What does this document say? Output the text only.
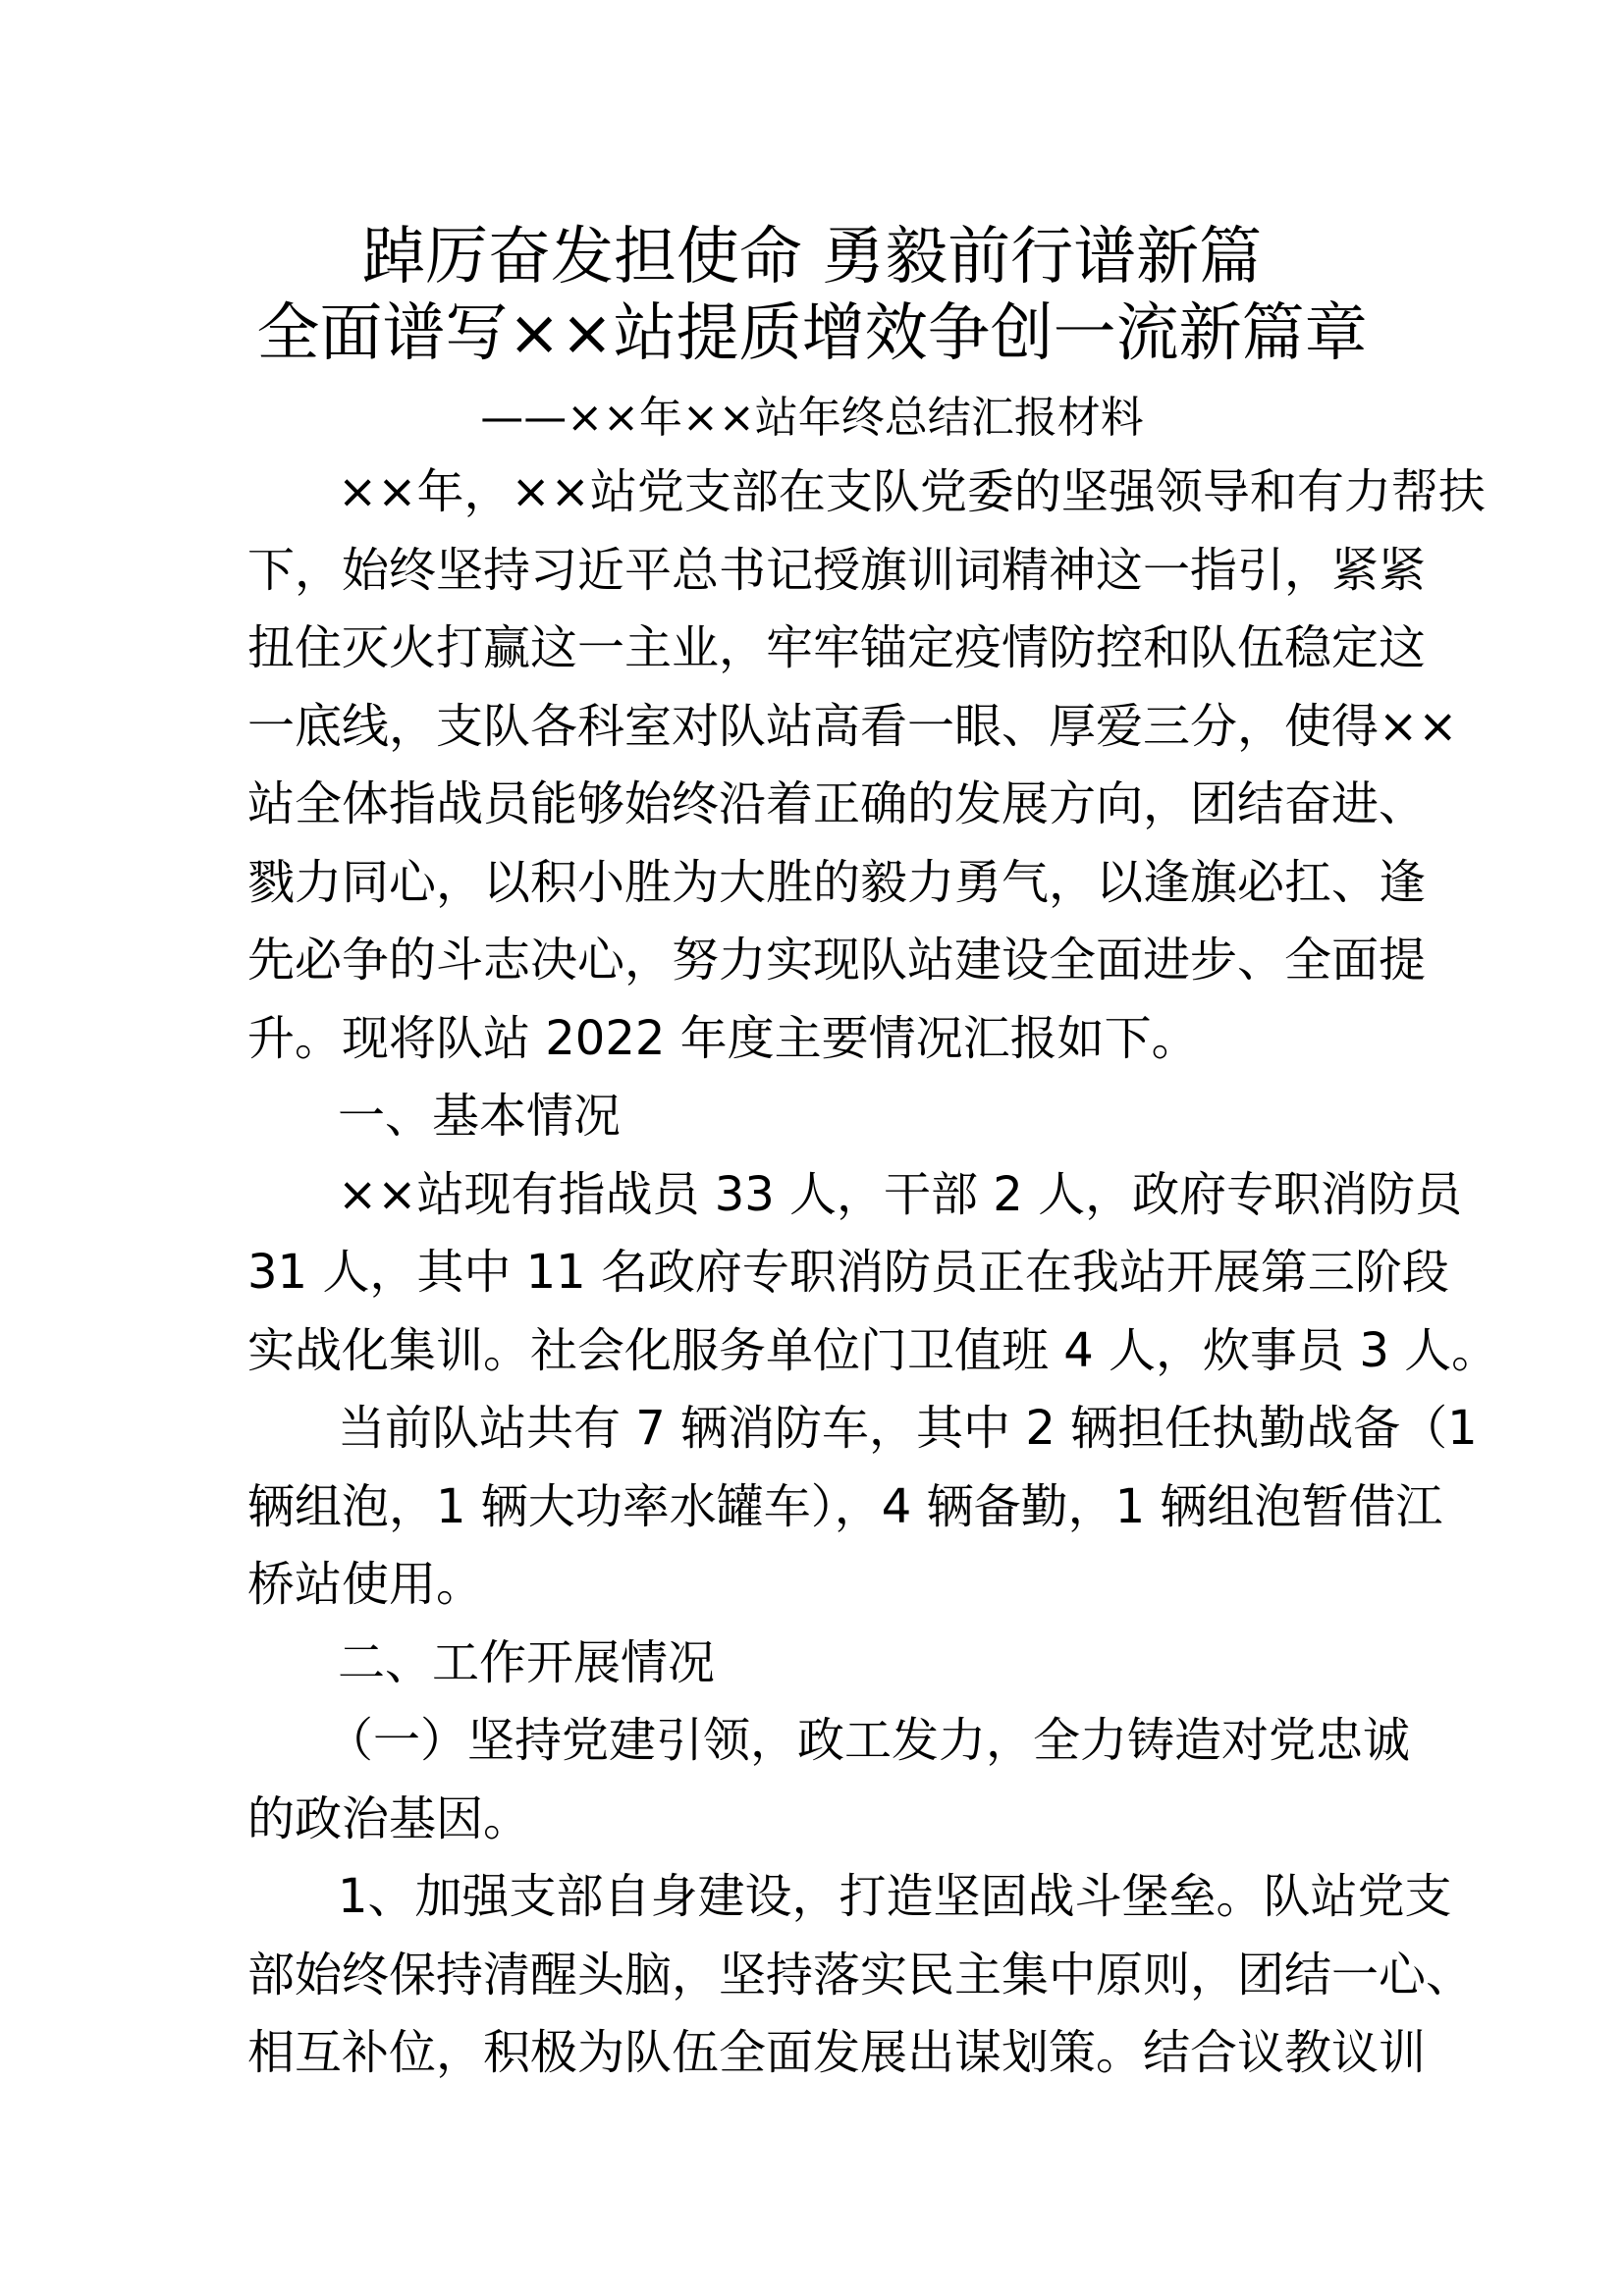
踔厉奋发担使命 勇毅前行谱新篇
全面谱写××站提质增效争创一流新篇章
——××年××站年终总结汇报材料
××年，××站党支部在支队党委的坚强领导和有力帮扶
下，始终坚持习近平总书记授旗训词精神这一指引，紧紧
扭住灭火打赢这一主业，牢牢锚定疫情防控和队伍稳定这
一底线，支队各科室对队站高看一眼、厚爱三分，使得××
站全体指战员能够始终沿着正确的发展方向，团结奋进、
戮力同心，以积小胜为大胜的毅力勇气，以逢旗必扛、逢
先必争的斗志决心，努力实现队站建设全面进步、全面提
升。现将队站 2022 年度主要情况汇报如下。
一、基本情况
××站现有指战员 33 人，干部 2 人，政府专职消防员
31 人，其中 11 名政府专职消防员正在我站开展第三阶段
实战化集训。社会化服务单位门卫值班 4 人，炊事员 3 人。
当前队站共有 7 辆消防车，其中 2 辆担任执勤战备（1
辆组泡，1 辆大功率水罐车），4 辆备勤，1 辆组泡暂借江
桥站使用。
二、工作开展情况
（一）坚持党建引领，政工发力，全力铸造对党忠诚
的政治基因。
1、加强支部自身建设，打造坚固战斗堡垒。队站党支
部始终保持清醒头脑，坚持落实民主集中原则，团结一心、
相互补位，积极为队伍全面发展出谋划策。结合议教议训
